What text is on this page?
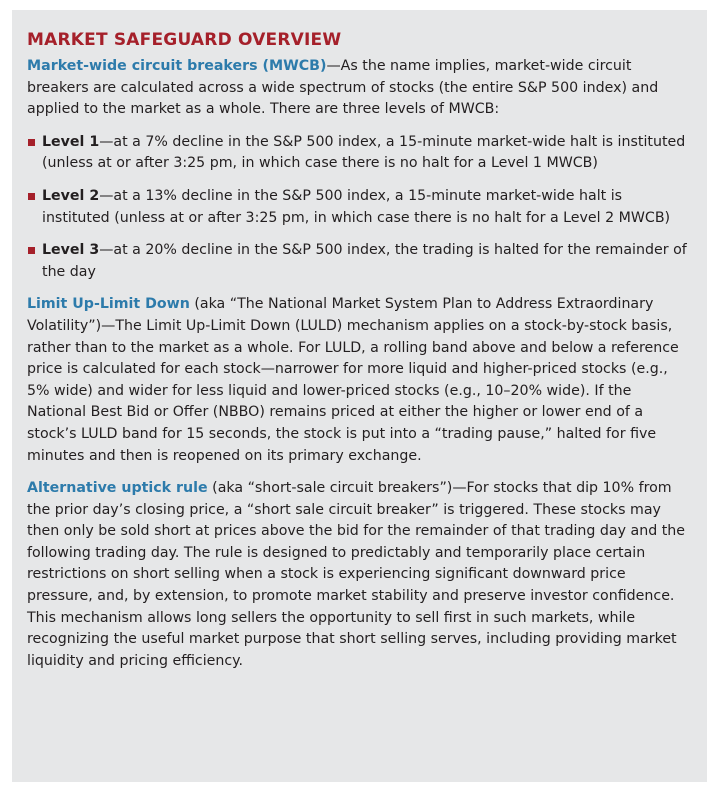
MARKET SAFEGUARD OVERVIEW

Market-wide circuit breakers (MWCB)—As the name implies, market-wide circuit breakers are calculated across a wide spectrum of stocks (the entire S&P 500 index) and applied to the market as a whole. There are three levels of MWCB:

Level 1—at a 7% decline in the S&P 500 index, a 15-minute market-wide halt is instituted (unless at or after 3:25 pm, in which case there is no halt for a Level 1 MWCB)
Level 2—at a 13% decline in the S&P 500 index, a 15-minute market-wide halt is instituted (unless at or after 3:25 pm, in which case there is no halt for a Level 2 MWCB)
Level 3—at a 20% decline in the S&P 500 index, the trading is halted for the remainder of the day

Limit Up-Limit Down (aka “The National Market System Plan to Address Extraordinary Volatility”)—The Limit Up-Limit Down (LULD) mechanism applies on a stock-by-stock basis, rather than to the market as a whole. For LULD, a rolling band above and below a reference price is calculated for each stock—narrower for more liquid and higher-priced stocks (e.g., 5% wide) and wider for less liquid and lower-priced stocks (e.g., 10–20% wide). If the National Best Bid or Offer (NBBO) remains priced at either the higher or lower end of a stock’s LULD band for 15 seconds, the stock is put into a “trading pause,” halted for five minutes and then is reopened on its primary exchange.

Alternative uptick rule (aka “short-sale circuit breakers”)—For stocks that dip 10% from the prior day’s closing price, a “short sale circuit breaker” is triggered. These stocks may then only be sold short at prices above the bid for the remainder of that trading day and the following trading day. The rule is designed to predictably and temporarily place certain restrictions on short selling when a stock is experiencing significant downward price pressure, and, by extension, to promote market stability and preserve investor confidence. This mechanism allows long sellers the opportunity to sell first in such markets, while recognizing the useful market purpose that short selling serves, including providing market liquidity and pricing efficiency.
